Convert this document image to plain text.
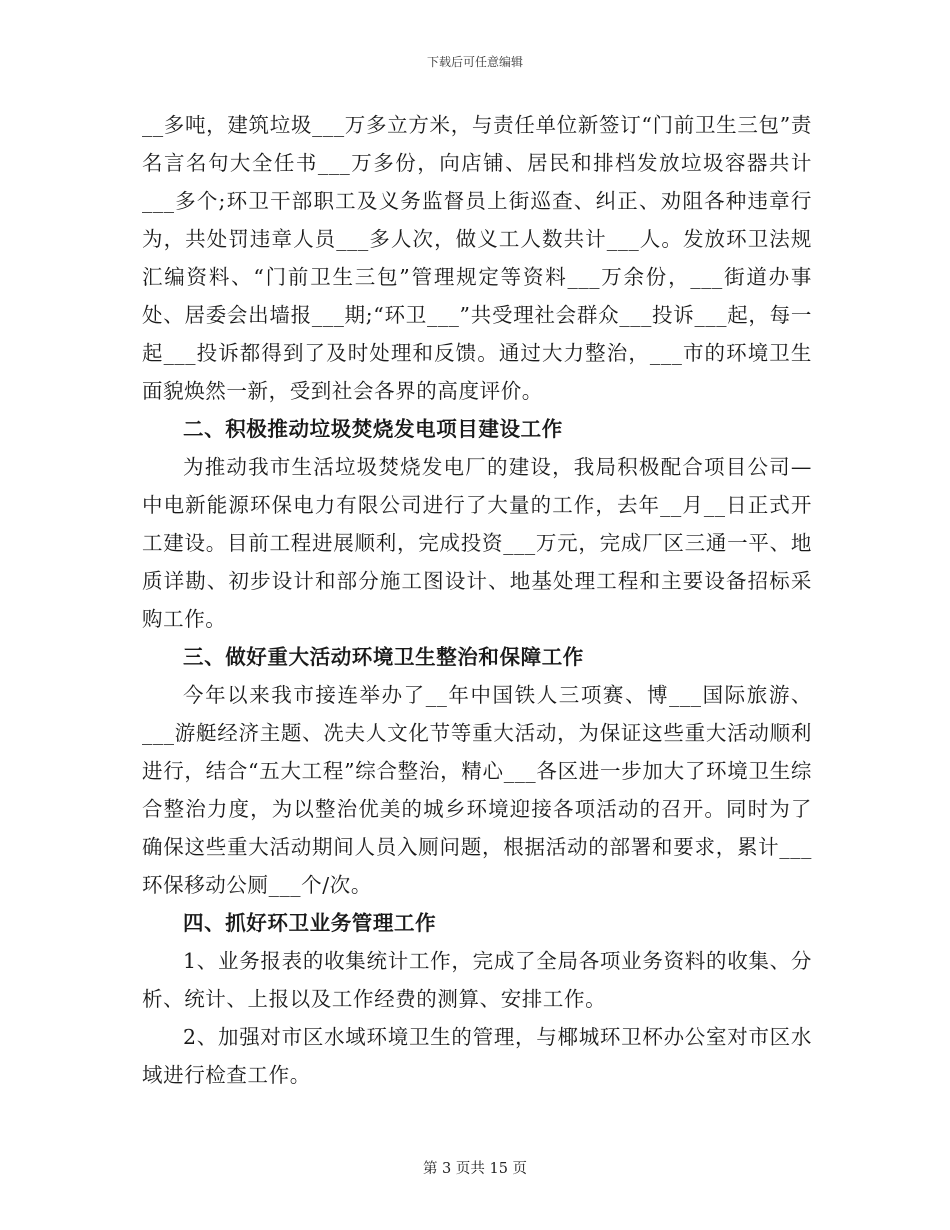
下载后可任意编辑

__多吨，建筑垃圾___万多立方米，与责任单位新签订“门前卫生三包”责名言名句大全任书___万多份，向店铺、居民和排档发放垃圾容器共计___多个;环卫干部职工及义务监督员上街巡查、纠正、劝阻各种违章行为，共处罚违章人员___多人次，做义工人数共计___人。发放环卫法规汇编资料、“门前卫生三包”管理规定等资料___万余份，___街道办事处、居委会出墙报___期;“环卫___”共受理社会群众___投诉___起，每一起___投诉都得到了及时处理和反馈。通过大力整治，___市的环境卫生面貌焕然一新，受到社会各界的高度评价。

二、积极推动垃圾焚烧发电项目建设工作

为推动我市生活垃圾焚烧发电厂的建设，我局积极配合项目公司—中电新能源环保电力有限公司进行了大量的工作，去年__月__日正式开工建设。目前工程进展顺利，完成投资___万元，完成厂区三通一平、地质详勘、初步设计和部分施工图设计、地基处理工程和主要设备招标采购工作。

三、做好重大活动环境卫生整治和保障工作

今年以来我市接连举办了__年中国铁人三项赛、博___国际旅游、___游艇经济主题、冼夫人文化节等重大活动，为保证这些重大活动顺利进行，结合“五大工程”综合整治，精心___各区进一步加大了环境卫生综合整治力度，为以整治优美的城乡环境迎接各项活动的召开。同时为了确保这些重大活动期间人员入厕问题，根据活动的部署和要求，累计___环保移动公厕___个/次。

四、抓好环卫业务管理工作

1、业务报表的收集统计工作，完成了全局各项业务资料的收集、分析、统计、上报以及工作经费的测算、安排工作。

2、加强对市区水域环境卫生的管理，与椰城环卫杯办公室对市区水域进行检查工作。

第 3 页共 15 页
